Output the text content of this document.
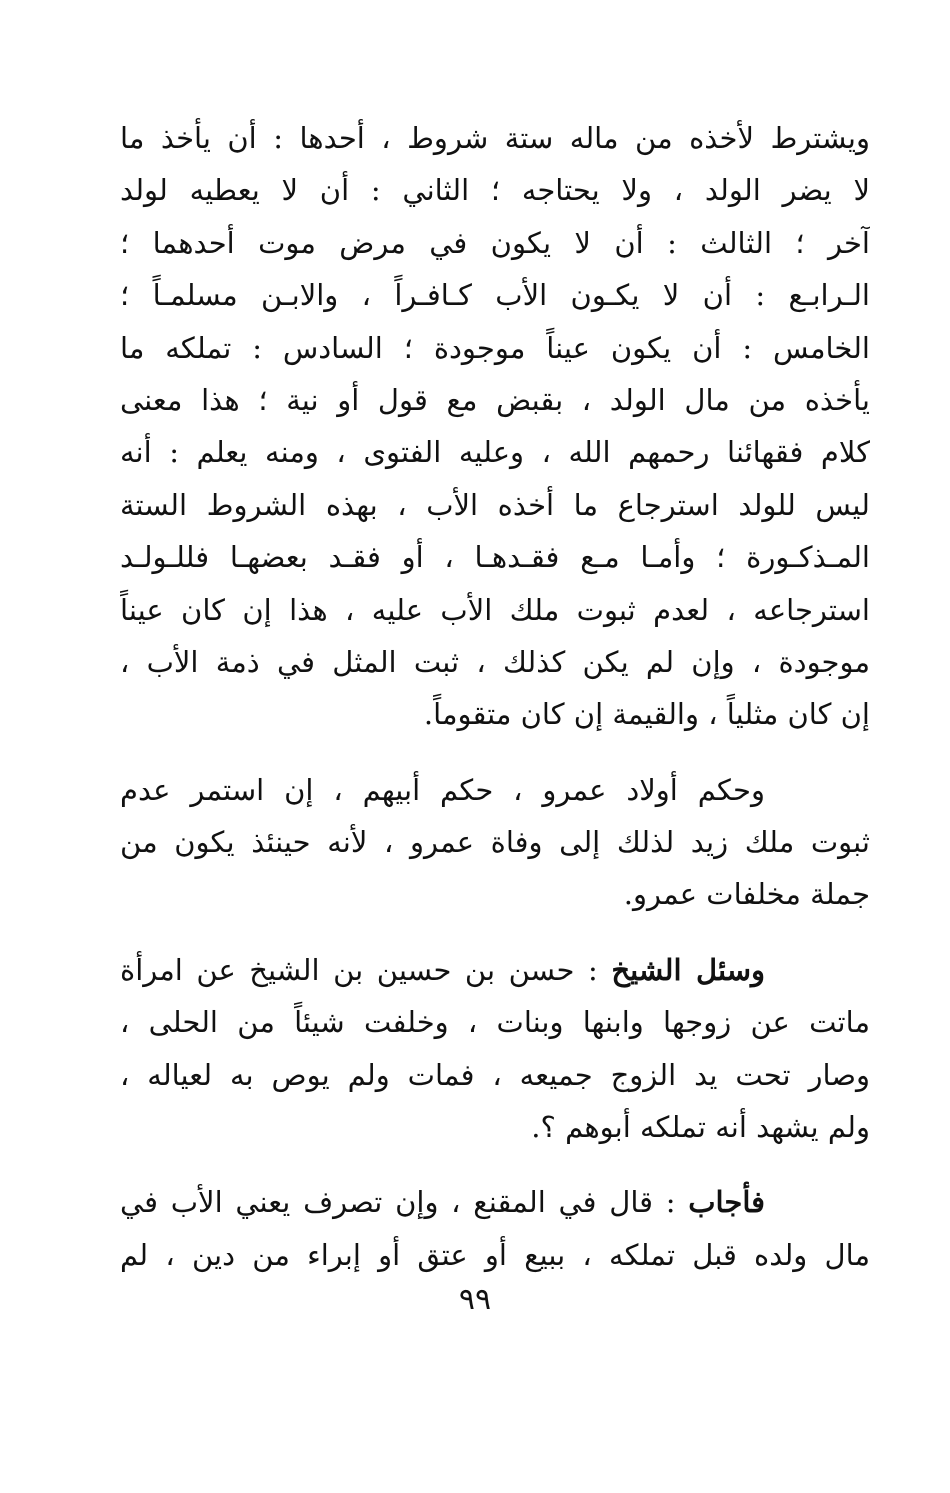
ويشترط لأخذه من ماله ستة شروط ، أحدها : أن يأخذ ما
لا يضر الولد ، ولا يحتاجه ؛ الثاني : أن لا يعطيه لولد
آخر ؛ الثالث : أن لا يكون في مرض موت أحدهما ؛
الـرابـع : أن لا يكـون الأب كـافـراً ، والابـن مسلمـاً ؛
الخامس : أن يكون عيناً موجودة ؛ السادس : تملكه ما
يأخذه من مال الولد ، بقبض مع قول أو نية ؛ هذا معنى
كلام فقهائنا رحمهم الله ، وعليه الفتوى ، ومنه يعلم : أنه
ليس للولد استرجاع ما أخذه الأب ، بهذه الشروط الستة
المـذكـورة ؛ وأمـا مـع فقـدهـا ، أو فقـد بعضهـا فللـولـد
استرجاعه ، لعدم ثبوت ملك الأب عليه ، هذا إن كان عيناً
موجودة ، وإن لم يكن كذلك ، ثبت المثل في ذمة الأب ،
إن كان مثلياً ، والقيمة إن كان متقوماً.
وحكم أولاد عمرو ، حكم أبيهم ، إن استمر عدم
ثبوت ملك زيد لذلك إلى وفاة عمرو ، لأنه حينئذ يكون من
جملة مخلفات عمرو.
وسئل الشيخ : حسن بن حسين بن الشيخ عن امرأة
ماتت عن زوجها وابنها وبنات ، وخلفت شيئاً من الحلى ،
وصار تحت يد الزوج جميعه ، فمات ولم يوص به لعياله ،
ولم يشهد أنه تملكه أبوهم ؟.
فأجاب : قال في المقنع ، وإن تصرف يعني الأب في
مال ولده قبل تملكه ، ببيع أو عتق أو إبراء من دين ، لم
٩٩
